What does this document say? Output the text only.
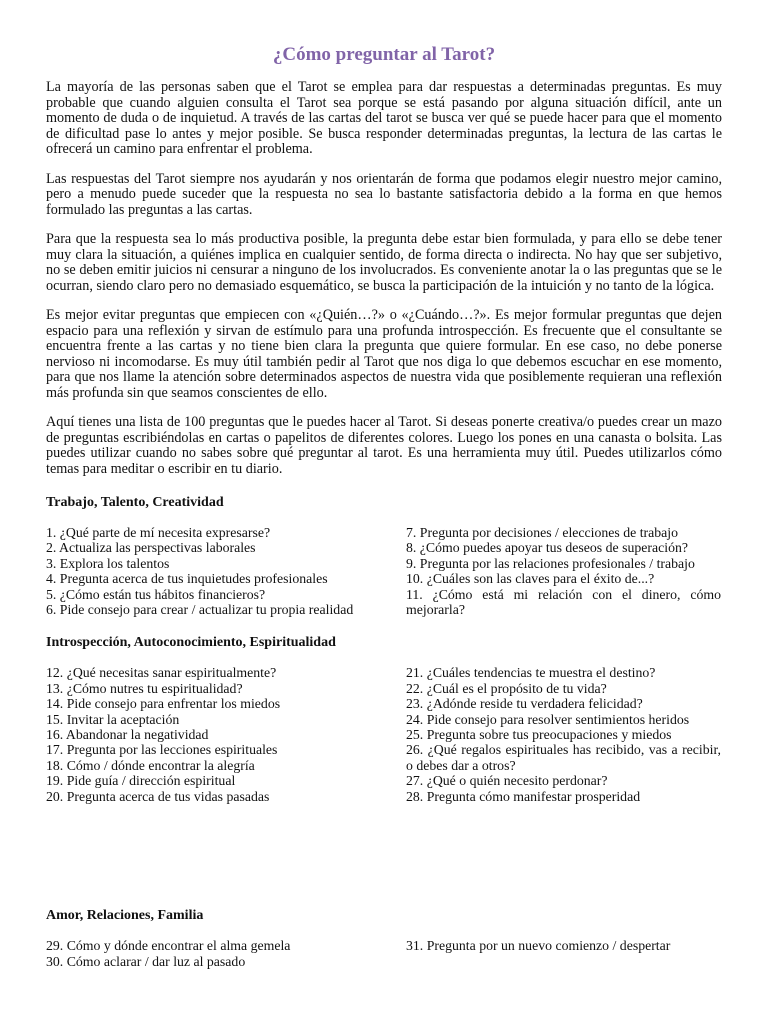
¿Cómo preguntar al Tarot?

La mayoría de las personas saben que el Tarot se emplea para dar respuestas a determinadas preguntas. Es muy probable que cuando alguien consulta el Tarot sea porque se está pasando por alguna situación difícil, ante un momento de duda o de inquietud. A través de las cartas del tarot se busca ver qué se puede hacer para que el momento de dificultad pase lo antes y mejor posible. Se busca responder determinadas preguntas, la lectura de las cartas le ofrecerá un camino para enfrentar el problema.

Las respuestas del Tarot siempre nos ayudarán y nos orientarán de forma que podamos elegir nuestro mejor camino, pero a menudo puede suceder que la respuesta no sea lo bastante satisfactoria debido a la forma en que hemos formulado las preguntas a las cartas.

Para que la respuesta sea lo más productiva posible, la pregunta debe estar bien formulada, y para ello se debe tener muy clara la situación, a quiénes implica en cualquier sentido, de forma directa o indirecta. No hay que ser subjetivo, no se deben emitir juicios ni censurar a ninguno de los involucrados. Es conveniente anotar la o las preguntas que se le ocurran, siendo claro pero no demasiado esquemático, se busca la participación de la intuición y no tanto de la lógica.

Es mejor evitar preguntas que empiecen con «¿Quién…?» o «¿Cuándo…?». Es mejor formular preguntas que dejen espacio para una reflexión y sirvan de estímulo para una profunda introspección. Es frecuente que el consultante se encuentra frente a las cartas y no tiene bien clara la pregunta que quiere formular. En ese caso, no debe ponerse nervioso ni incomodarse. Es muy útil también pedir al Tarot que nos diga lo que debemos escuchar en ese momento, para que nos llame la atención sobre determinados aspectos de nuestra vida que posiblemente requieran una reflexión más profunda sin que seamos conscientes de ello.

Aquí tienes una lista de 100 preguntas que le puedes hacer al Tarot. Si deseas ponerte creativa/o puedes crear un mazo de preguntas escribiéndolas en cartas o papelitos de diferentes colores. Luego los pones en una canasta o bolsita. Las puedes utilizar cuando no sabes sobre qué preguntar al tarot. Es una herramienta muy útil. Puedes utilizarlos cómo temas para meditar o escribir en tu diario.

Trabajo, Talento, Creatividad
1. ¿Qué parte de mí necesita expresarse?
2. Actualiza las perspectivas laborales
3. Explora los talentos
4. Pregunta acerca de tus inquietudes profesionales
5. ¿Cómo están tus hábitos financieros?
6. Pide consejo para crear / actualizar tu propia realidad
7. Pregunta por decisiones / elecciones de trabajo
8. ¿Cómo puedes apoyar tus deseos de superación?
9. Pregunta por las relaciones profesionales / trabajo
10. ¿Cuáles son las claves para el éxito de...?
11. ¿Cómo está mi relación con el dinero, cómo mejorarla?
Introspección, Autoconocimiento, Espiritualidad
12. ¿Qué necesitas sanar espiritualmente?
13. ¿Cómo nutres tu espiritualidad?
14. Pide consejo para enfrentar los miedos
15. Invitar la aceptación
16. Abandonar la negatividad
17. Pregunta por las lecciones espirituales
18. Cómo / dónde encontrar la alegría
19. Pide guía / dirección espiritual
20. Pregunta acerca de tus vidas pasadas
21. ¿Cuáles tendencias te muestra el destino?
22. ¿Cuál es el propósito de tu vida?
23. ¿Adónde reside tu verdadera felicidad?
24. Pide consejo para resolver sentimientos heridos
25. Pregunta sobre tus preocupaciones y miedos
26. ¿Qué regalos espirituales has recibido, vas a recibir, o debes dar a otros?
27. ¿Qué o quién necesito perdonar?
28. Pregunta cómo manifestar prosperidad
Amor, Relaciones, Familia
29. Cómo y dónde encontrar el alma gemela
30. Cómo aclarar / dar luz al pasado
31. Pregunta por un nuevo comienzo / despertar
